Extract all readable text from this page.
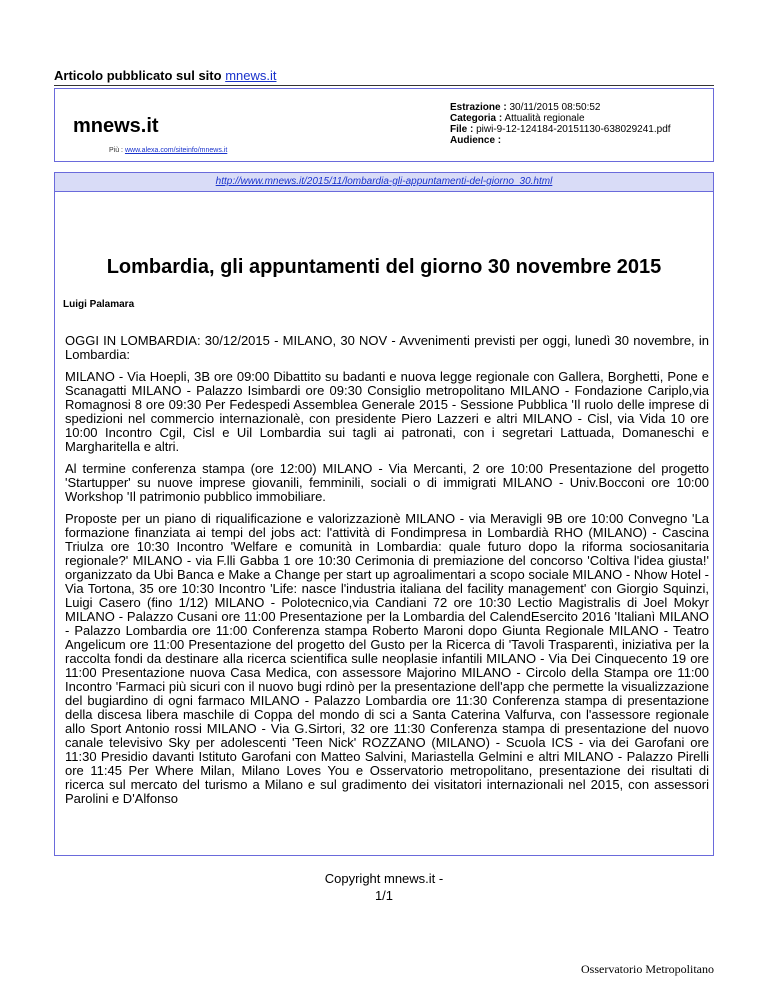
Articolo pubblicato sul sito mnews.it
mnews.it
Più : www.alexa.com/siteinfo/mnews.it
Estrazione : 30/11/2015 08:50:52
Categoria : Attualità regionale
File : piwi-9-12-124184-20151130-638029241.pdf
Audience :
http://www.mnews.it/2015/11/lombardia-gli-appuntamenti-del-giorno_30.html
Lombardia, gli appuntamenti del giorno 30 novembre 2015
Luigi Palamara

OGGI IN LOMBARDIA: 30/12/2015 - MILANO, 30 NOV - Avvenimenti previsti per oggi, lunedì 30 novembre, in Lombardia:

MILANO - Via Hoepli, 3B ore 09:00 Dibattito su badanti e nuova legge regionale con Gallera, Borghetti, Pone e Scanagatti MILANO - Palazzo Isimbardi ore 09:30 Consiglio metropolitano MILANO - Fondazione Cariplo,via Romagnosi 8 ore 09:30 Per Fedespedi Assemblea Generale 2015 - Sessione Pubblica 'Il ruolo delle imprese di spedizioni nel commercio internazionalè, con presidente Piero Lazzeri e altri MILANO - Cisl, via Vida 10 ore 10:00 Incontro Cgil, Cisl e Uil Lombardia sui tagli ai patronati, con i segretari Lattuada, Domaneschi e Margharitella e altri.

Al termine conferenza stampa (ore 12:00) MILANO - Via Mercanti, 2 ore 10:00 Presentazione del progetto 'Startupper' su nuove imprese giovanili, femminili, sociali o di immigrati MILANO - Univ.Bocconi ore 10:00 Workshop 'Il patrimonio pubblico immobiliare.

Proposte per un piano di riqualificazione e valorizzazionè MILANO - via Meravigli 9B ore 10:00 Convegno 'La formazione finanziata ai tempi del jobs act: l'attività di Fondimpresa in Lombardià RHO (MILANO) - Cascina Triulza ore 10:30 Incontro 'Welfare e comunità in Lombardia: quale futuro dopo la riforma sociosanitaria regionale?' MILANO - via F.lli Gabba 1 ore 10:30 Cerimonia di premiazione del concorso 'Coltiva l'idea giusta!' organizzato da Ubi Banca e Make a Change per start up agroalimentari a scopo sociale MILANO - Nhow Hotel - Via Tortona, 35 ore 10:30 Incontro 'Life: nasce l'industria italiana del facility management' con Giorgio Squinzi, Luigi Casero (fino 1/12) MILANO - Polotecnico,via Candiani 72 ore 10:30 Lectio Magistralis di Joel Mokyr MILANO - Palazzo Cusani ore 11:00 Presentazione per la Lombardia del CalendEsercito 2016 'Italianì MILANO - Palazzo Lombardia ore 11:00 Conferenza stampa Roberto Maroni dopo Giunta Regionale MILANO - Teatro Angelicum ore 11:00 Presentazione del progetto del Gusto per la Ricerca di 'Tavoli Trasparentì, iniziativa per la raccolta fondi da destinare alla ricerca scientifica sulle neoplasie infantili MILANO - Via Dei Cinquecento 19 ore 11:00 Presentazione nuova Casa Medica, con assessore Majorino MILANO - Circolo della Stampa ore 11:00 Incontro 'Farmaci più sicuri con il nuovo bugi rdinò per la presentazione dell'app che permette la visualizzazione del bugiardino di ogni farmaco MILANO - Palazzo Lombardia ore 11:30 Conferenza stampa di presentazione della discesa libera maschile di Coppa del mondo di sci a Santa Caterina Valfurva, con l'assessore regionale allo Sport Antonio rossi MILANO - Via G.Sirtori, 32 ore 11:30 Conferenza stampa di presentazione del nuovo canale televisivo Sky per adolescenti 'Teen Nick' ROZZANO (MILANO) - Scuola ICS - via dei Garofani ore 11:30 Presidio davanti Istituto Garofani con Matteo Salvini, Mariastella Gelmini e altri MILANO - Palazzo Pirelli ore 11:45 Per Where Milan, Milano Loves You e Osservatorio metropolitano, presentazione dei risultati di ricerca sul mercato del turismo a Milano e sul gradimento dei visitatori internazionali nel 2015, con assessori Parolini e D'Alfonso

Copyright mnews.it -
1/1
Osservatorio Metropolitano
